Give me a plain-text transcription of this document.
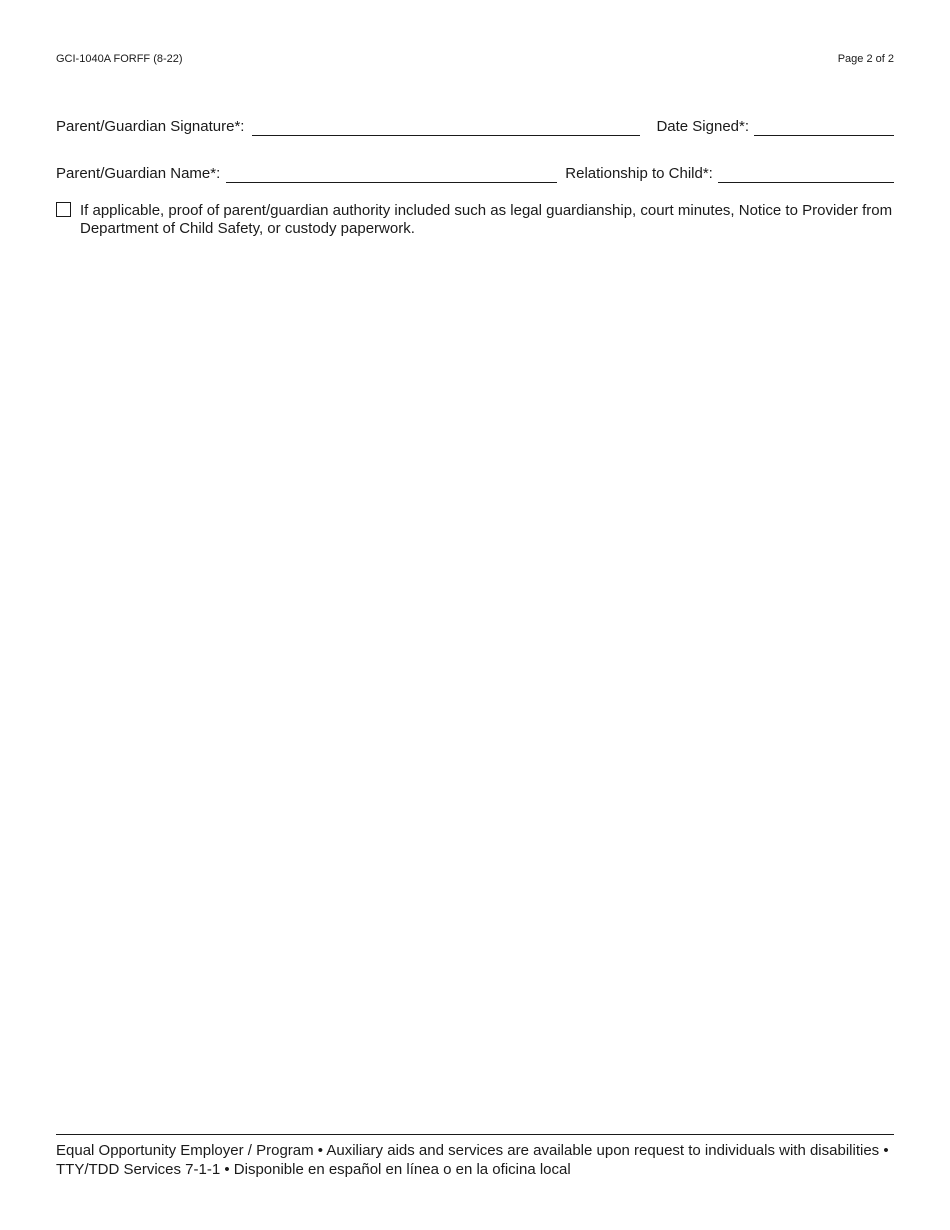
GCI-1040A FORFF (8-22)	Page 2 of 2
Parent/Guardian Signature*:	Date Signed*:
Parent/Guardian Name*:	Relationship to Child*:
If applicable, proof of parent/guardian authority included such as legal guardianship, court minutes, Notice to Provider from Department of Child Safety, or custody paperwork.
Equal Opportunity Employer / Program • Auxiliary aids and services are available upon request to individuals with disabilities • TTY/TDD Services 7-1-1 • Disponible en español en línea o en la oficina local
